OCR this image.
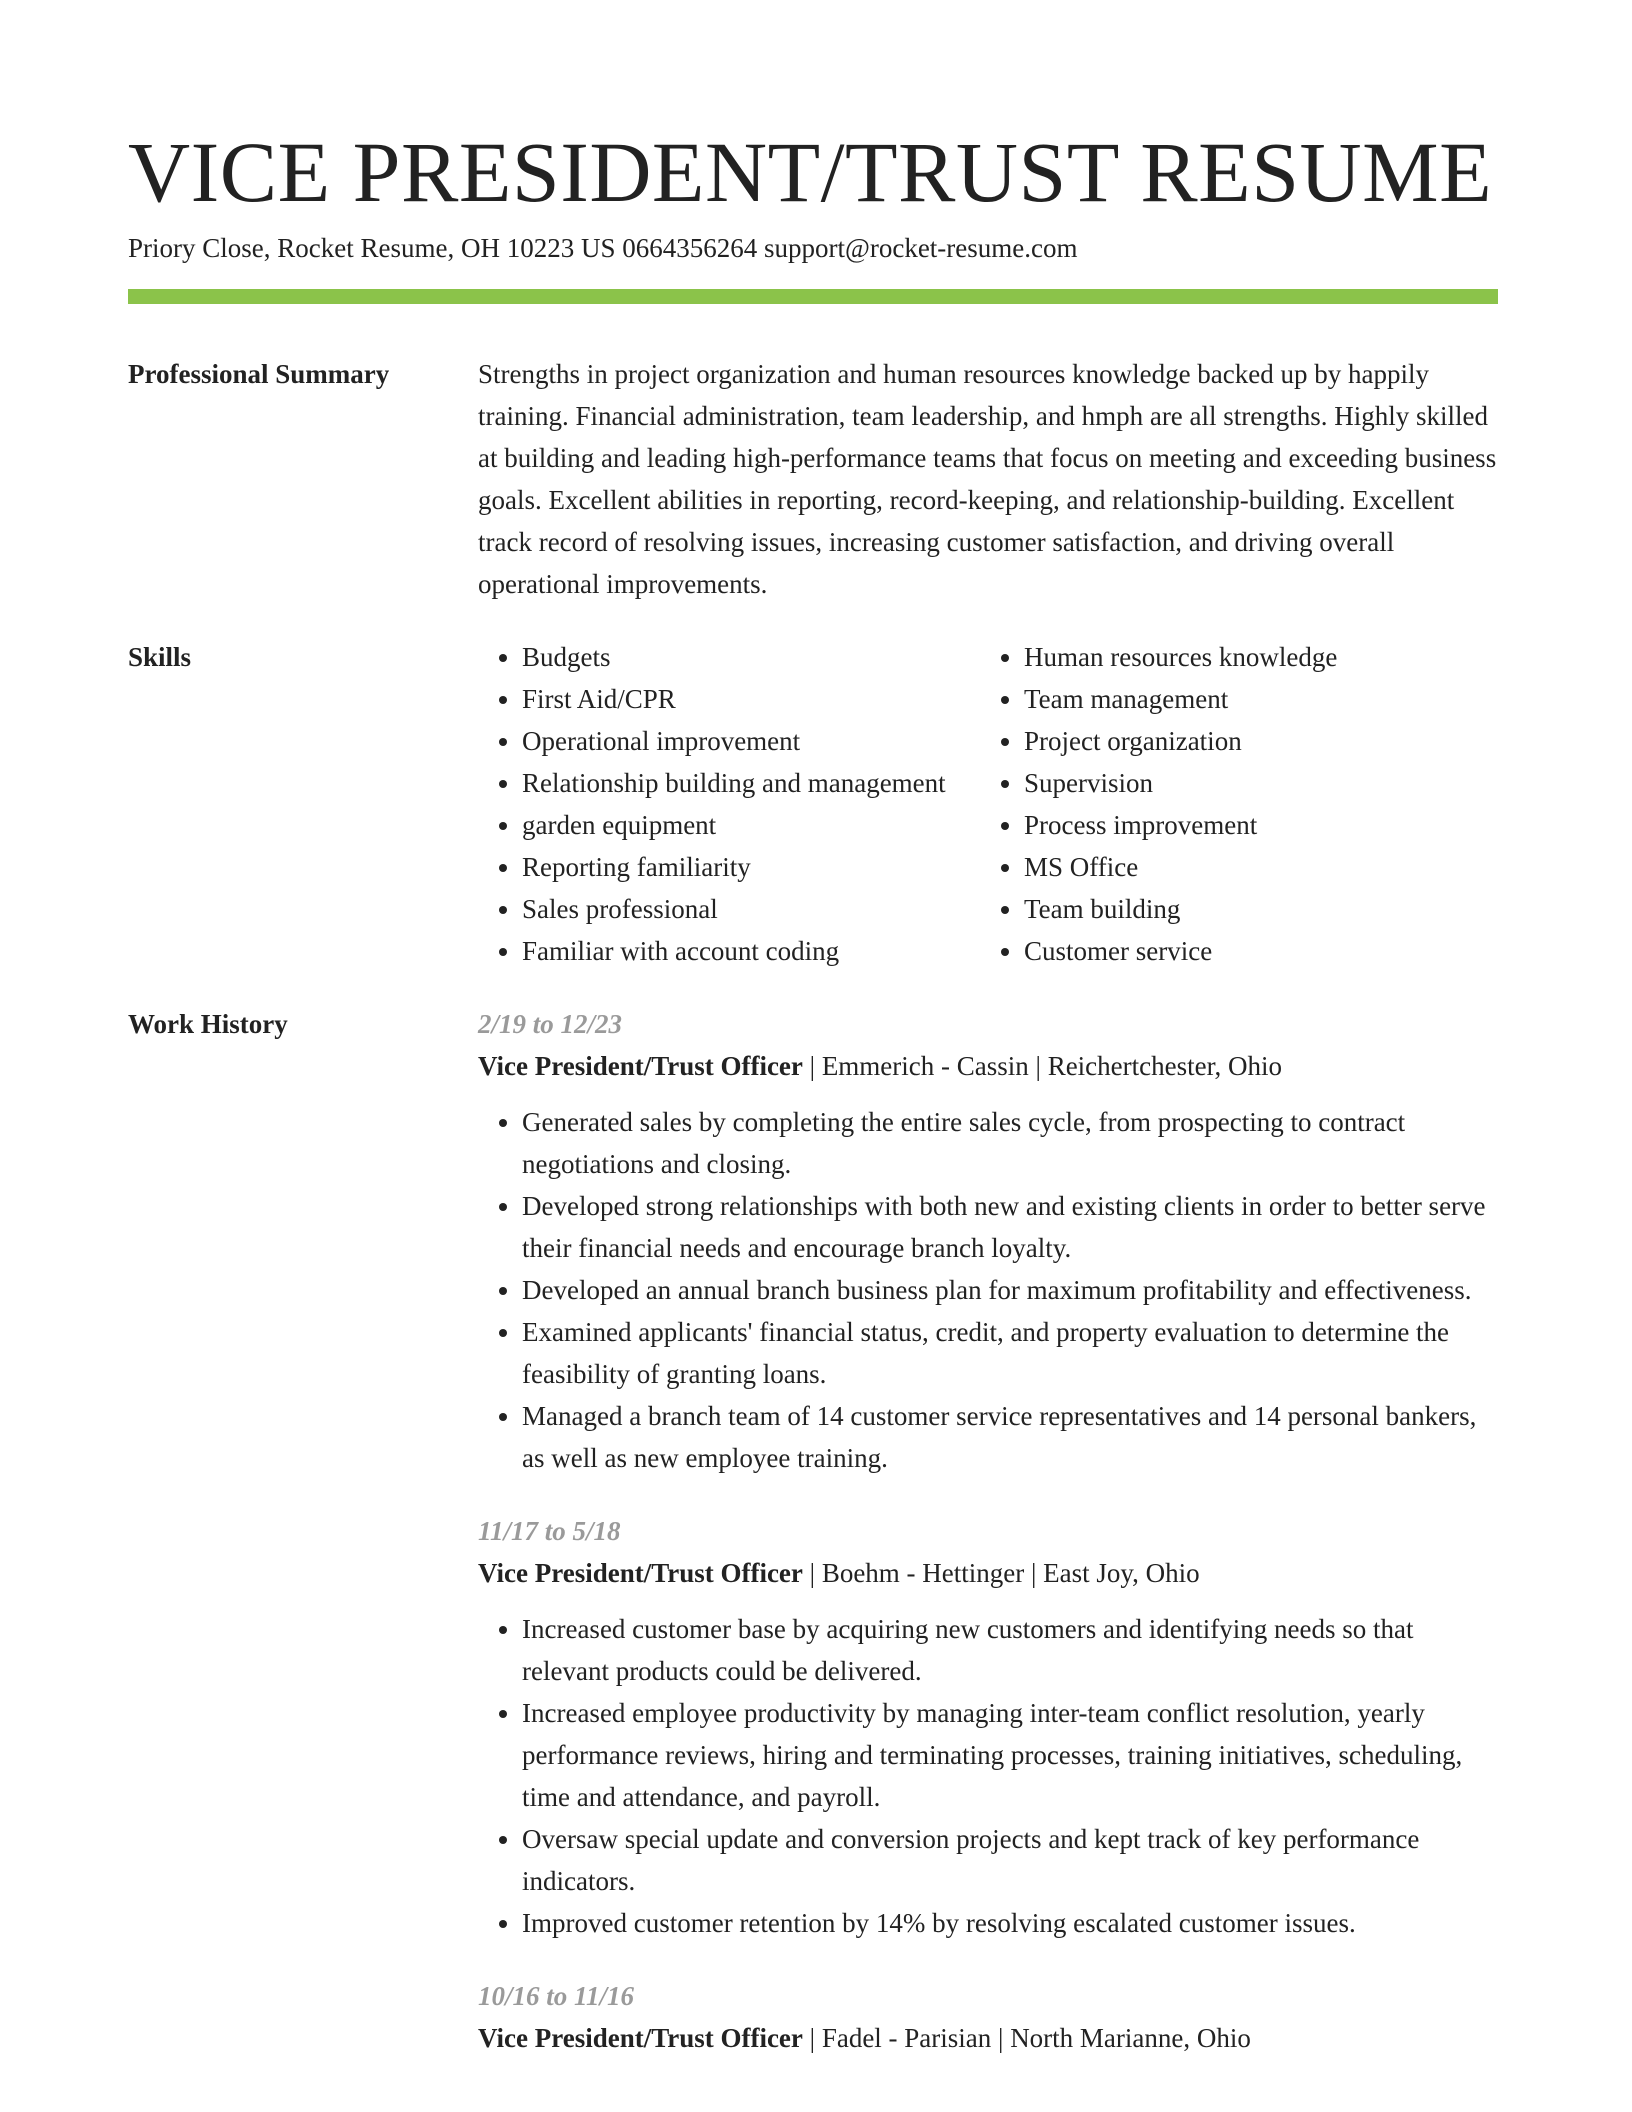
VICE PRESIDENT/TRUST RESUME
Priory Close, Rocket Resume, OH 10223 US 0664356264 support@rocket-resume.com
Professional Summary	Strengths in project organization and human resources knowledge backed up by happily training. Financial administration, team leadership, and hmph are all strengths. Highly skilled at building and leading high-performance teams that focus on meeting and exceeding business goals. Excellent abilities in reporting, record-keeping, and relationship-building. Excellent track record of resolving issues, increasing customer satisfaction, and driving overall operational improvements.
Skills
•	Budgets
• First Aid/CPR
• Operational improvement
• Relationship building and management
• garden equipment
• Reporting familiarity
• Sales professional
• Familiar with account coding
• Human resources knowledge
• Team management
• Project organization
• Supervision
• Process improvement
• MS Office
• Team building
• Customer service
Work History	2/19 to 12/23
Vice President/Trust Officer | Emmerich - Cassin | Reichertchester, Ohio
• Generated sales by completing the entire sales cycle, from prospecting to contract negotiations and closing.
• Developed strong relationships with both new and existing clients in order to better serve their financial needs and encourage branch loyalty.
• Developed an annual branch business plan for maximum profitability and effectiveness.
• Examined applicants' financial status, credit, and property evaluation to determine the feasibility of granting loans.
• Managed a branch team of 14 customer service representatives and 14 personal bankers, as well as new employee training.
11/17 to 5/18
Vice President/Trust Officer | Boehm - Hettinger | East Joy, Ohio
• Increased customer base by acquiring new customers and identifying needs so that relevant products could be delivered.
• Increased employee productivity by managing inter-team conflict resolution, yearly performance reviews, hiring and terminating processes, training initiatives, scheduling, time and attendance, and payroll.
• Oversaw special update and conversion projects and kept track of key performance indicators.
• Improved customer retention by 14% by resolving escalated customer issues.
10/16 to 11/16
Vice President/Trust Officer | Fadel - Parisian | North Marianne, Ohio
